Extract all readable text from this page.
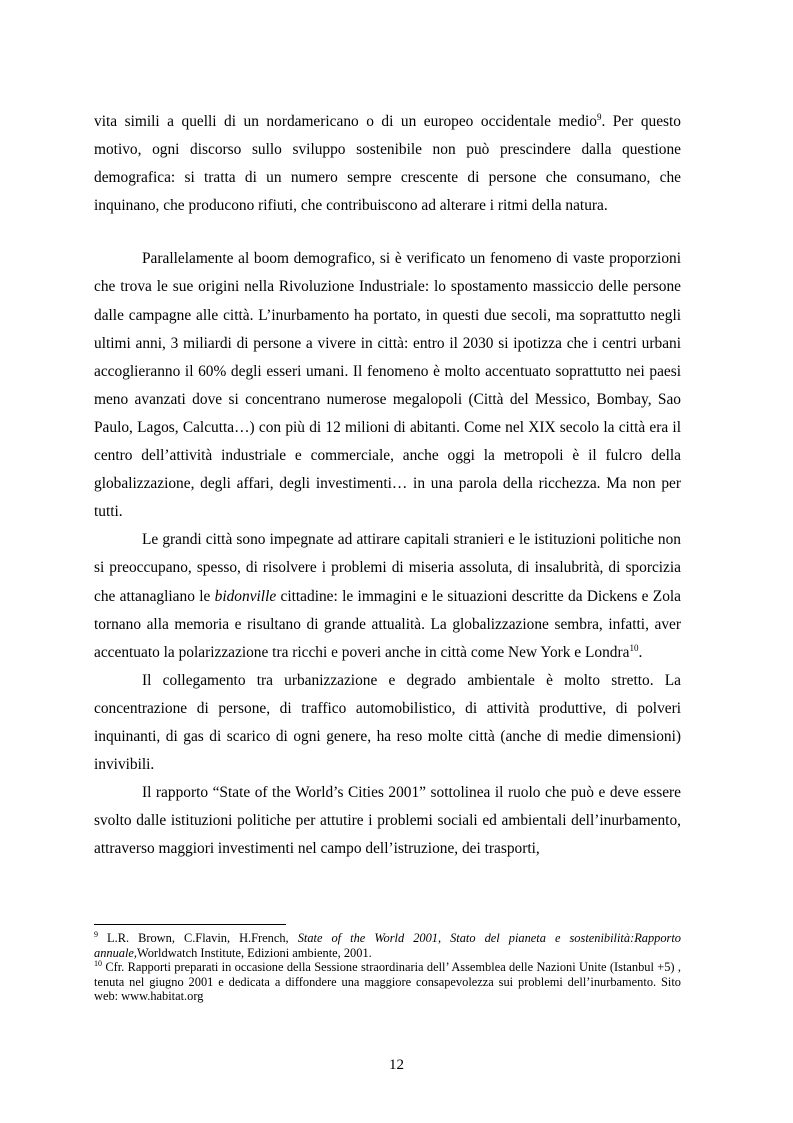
vita simili a quelli di un nordamericano o di un europeo occidentale medio$^9$. Per questo motivo, ogni discorso sullo sviluppo sostenibile non può prescindere dalla questione demografica: si tratta di un numero sempre crescente di persone che consumano, che inquinano, che producono rifiuti, che contribuiscono ad alterare i ritmi della natura.

Parallelamente al boom demografico, si è verificato un fenomeno di vaste proporzioni che trova le sue origini nella Rivoluzione Industriale: lo spostamento massiccio delle persone dalle campagne alle città. L’inurbamento ha portato, in questi due secoli, ma soprattutto negli ultimi anni, 3 miliardi di persone a vivere in città: entro il 2030 si ipotizza che i centri urbani accoglieranno il 60% degli esseri umani. Il fenomeno è molto accentuato soprattutto nei paesi meno avanzati dove si concentrano numerose megalopoli (Città del Messico, Bombay, Sao Paulo, Lagos, Calcutta…) con più di 12 milioni di abitanti. Come nel XIX secolo la città era il centro dell’attività industriale e commerciale, anche oggi la metropoli è il fulcro della globalizzazione, degli affari, degli investimenti… in una parola della ricchezza. Ma non per tutti.

Le grandi città sono impegnate ad attirare capitali stranieri e le istituzioni politiche non si preoccupano, spesso, di risolvere i problemi di miseria assoluta, di insalubrità, di sporcizia che attanagliano le bidonville cittadine: le immagini e le situazioni descritte da Dickens e Zola tornano alla memoria e risultano di grande attualità. La globalizzazione sembra, infatti, aver accentuato la polarizzazione tra ricchi e poveri anche in città come New York e Londra$^{10}$.

Il collegamento tra urbanizzazione e degrado ambientale è molto stretto. La concentrazione di persone, di traffico automobilistico, di attività produttive, di polveri inquinanti, di gas di scarico di ogni genere, ha reso molte città (anche di medie dimensioni) invivibili.

Il rapporto “State of the World’s Cities 2001” sottolinea il ruolo che può e deve essere svolto dalle istituzioni politiche per attutire i problemi sociali ed ambientali dell’inurbamento, attraverso maggiori investimenti nel campo dell’istruzione, dei trasporti,

$^9$ L.R. Brown, C.Flavin, H.French, State of the World 2001, Stato del pianeta e sostenibilità:Rapporto annuale,Worldwatch Institute, Edizioni ambiente, 2001.

$^{10}$ Cfr. Rapporti preparati in occasione della Sessione straordinaria dell’ Assemblea delle Nazioni Unite (Istanbul +5) , tenuta nel giugno 2001 e dedicata a diffondere una maggiore consapevolezza sui problemi dell’inurbamento. Sito web: www.habitat.org

12
